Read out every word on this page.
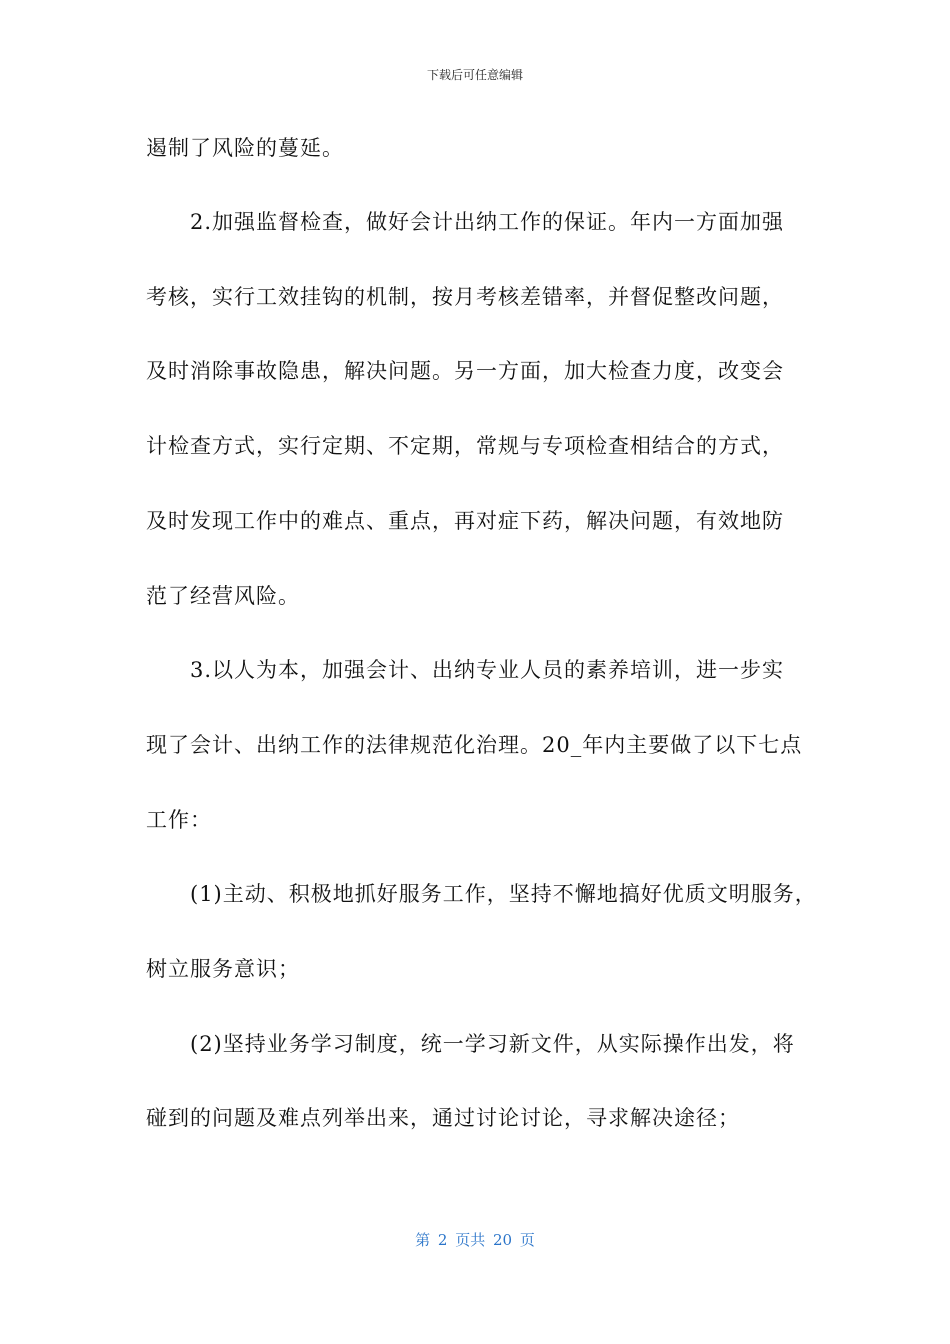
下载后可任意编辑
遏制了风险的蔓延。
2.加强监督检查，做好会计出纳工作的保证。年内一方面加强
考核，实行工效挂钩的机制，按月考核差错率，并督促整改问题，
及时消除事故隐患，解决问题。另一方面，加大检查力度，改变会
计检查方式，实行定期、不定期，常规与专项检查相结合的方式，
及时发现工作中的难点、重点，再对症下药，解决问题，有效地防
范了经营风险。
3.以人为本，加强会计、出纳专业人员的素养培训，进一步实
现了会计、出纳工作的法律规范化治理。20_年内主要做了以下七点
工作：
(1)主动、积极地抓好服务工作，坚持不懈地搞好优质文明服务，
树立服务意识；
(2)坚持业务学习制度，统一学习新文件，从实际操作出发，将
碰到的问题及难点列举出来，通过讨论讨论，寻求解决途径；
第 2 页共 20 页
